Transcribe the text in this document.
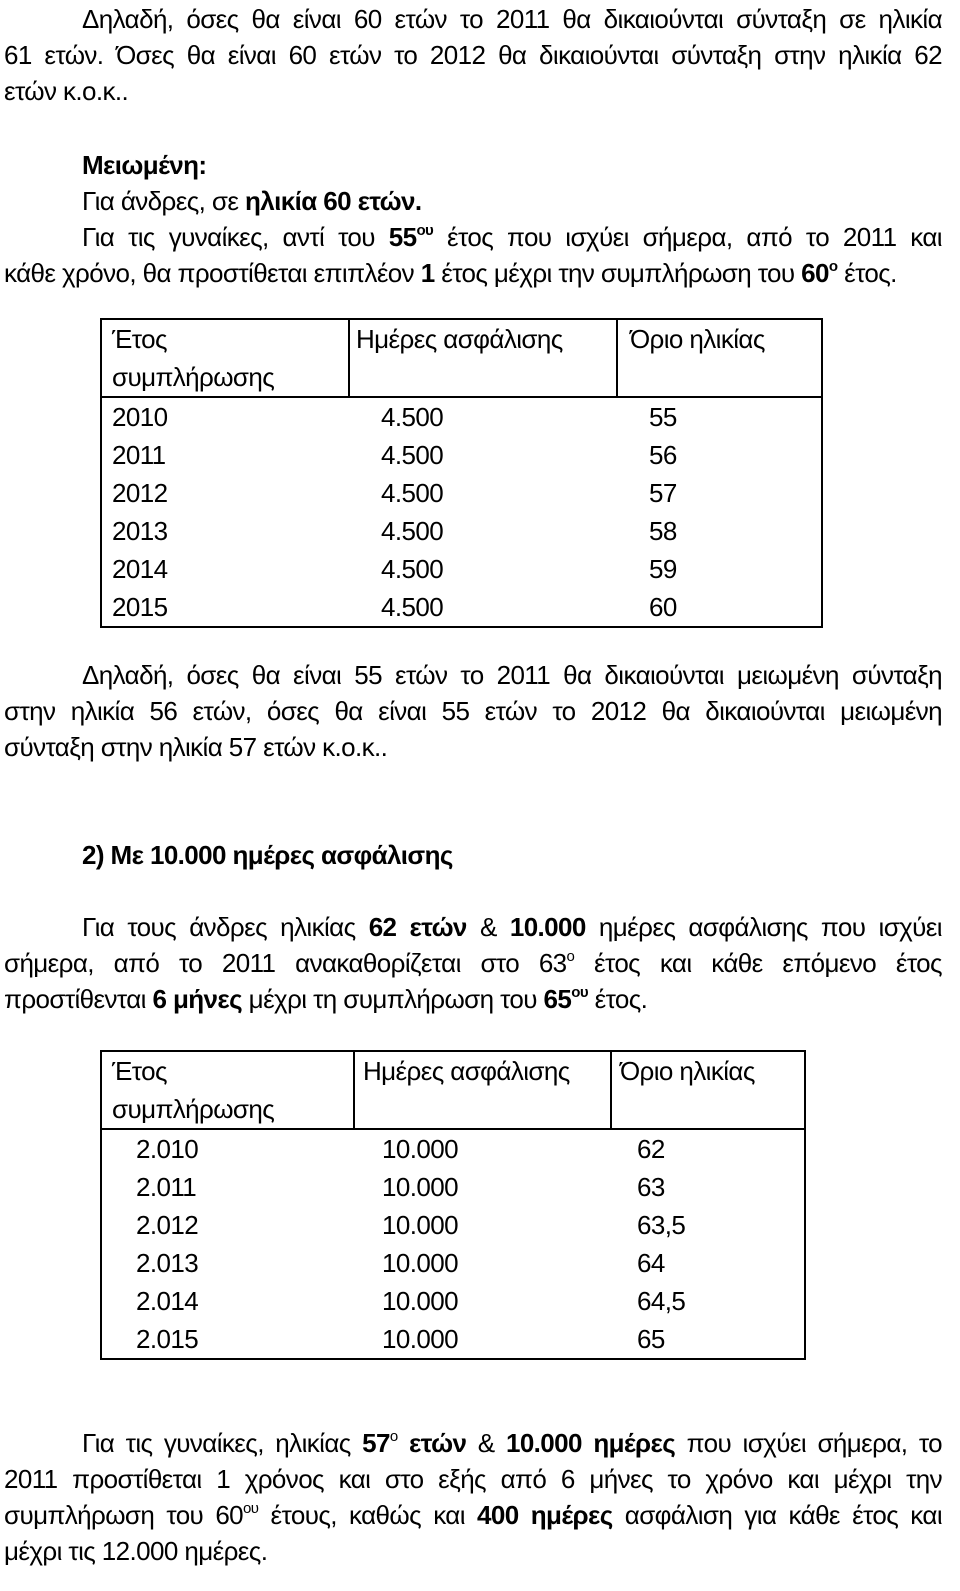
Δηλαδή, όσες θα είναι 60 ετών το 2011 θα δικαιούνται σύνταξη σε ηλικία

61 ετών. Όσες θα είναι 60 ετών το 2012 θα δικαιούνται σύνταξη στην ηλικία 62

ετών κ.ο.κ..

Μειωμένη:

Για άνδρες, σε ηλικία 60 ετών.

Για τις γυναίκες, αντί του $55^{o\upsilon}$ έτος που ισχύει σήμερα, από το 2011 και

κάθε χρόνο, θα προστίθεται επιπλέον 1 έτος μέχρι την συμπλήρωση του $60^o$ έτος.

Έτος
συμπλήρωσης	Ημέρες ασφάλισης	Όριο ηλικίας
2010	4.500	55
2011	4.500	56
2012	4.500	57
2013	4.500	58
2014	4.500	59
2015	4.500	60

Δηλαδή, όσες θα είναι 55 ετών το 2011 θα δικαιούνται μειωμένη σύνταξη

στην ηλικία 56 ετών, όσες θα είναι 55 ετών το 2012 θα δικαιούνται μειωμένη

σύνταξη στην ηλικία 57 ετών κ.ο.κ..

2) Με 10.000 ημέρες ασφάλισης

Για τους άνδρες ηλικίας 62 ετών & 10.000 ημέρες ασφάλισης που ισχύει

σήμερα, από το 2011 ανακαθορίζεται στο $63^o$ έτος και κάθε επόμενο έτος

προστίθενται 6 μήνες μέχρι τη συμπλήρωση του $65^{o\upsilon}$ έτος.

Έτος
συμπλήρωσης	Ημέρες ασφάλισης	Όριο ηλικίας
2.010	10.000	62
2.011	10.000	63
2.012	10.000	63,5
2.013	10.000	64
2.014	10.000	64,5
2.015	10.000	65

Για τις γυναίκες, ηλικίας $57^o$ ετών & 10.000 ημέρες που ισχύει σήμερα, το

2011 προστίθεται 1 χρόνος και στο εξής από 6 μήνες το χρόνο και μέχρι την

συμπλήρωση του $60^{o\upsilon}$ έτους, καθώς και 400 ημέρες ασφάλιση για κάθε έτος και

μέχρι τις 12.000 ημέρες.
